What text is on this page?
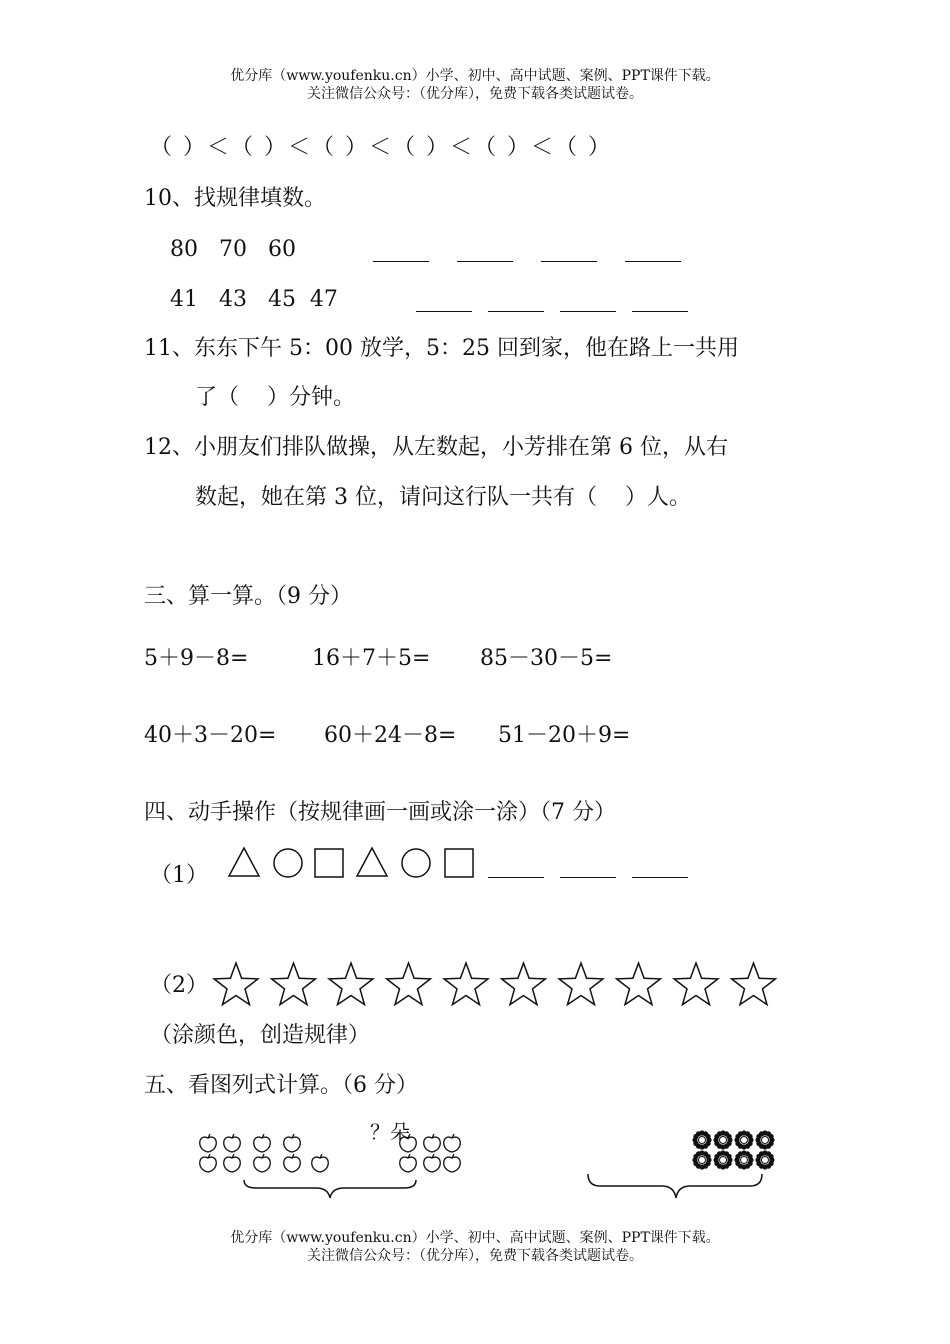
优分库（www.youfenku.cn）小学、初中、高中试题、案例、PPT课件下载。
关注微信公众号：（优分库），免费下载各类试题试卷。
（ ）＜（ ）＜（ ）＜（ ）＜（ ）＜（ ）
10、找规律填数。
80   70   60
41   43   45  47
11、东东下午 5：00 放学，5：25 回到家，他在路上一共用
了（    ）分钟。
12、小朋友们排队做操，从左数起，小芳排在第 6 位，从右
数起，她在第 3 位，请问这行队一共有（    ）人。
三、算一算。（9 分）
5＋9－8=	16＋7＋5= 85－30－5=
40＋3－20= 60＋24－8= 51－20＋9=
四、动手操作（按规律画一画或涂一涂）（7 分）
（1）
（2）
（涂颜色，创造规律）
五、看图列式计算。（6 分）
？朵
优分库（www.youfenku.cn）小学、初中、高中试题、案例、PPT课件下载。
关注微信公众号：（优分库），免费下载各类试题试卷。
